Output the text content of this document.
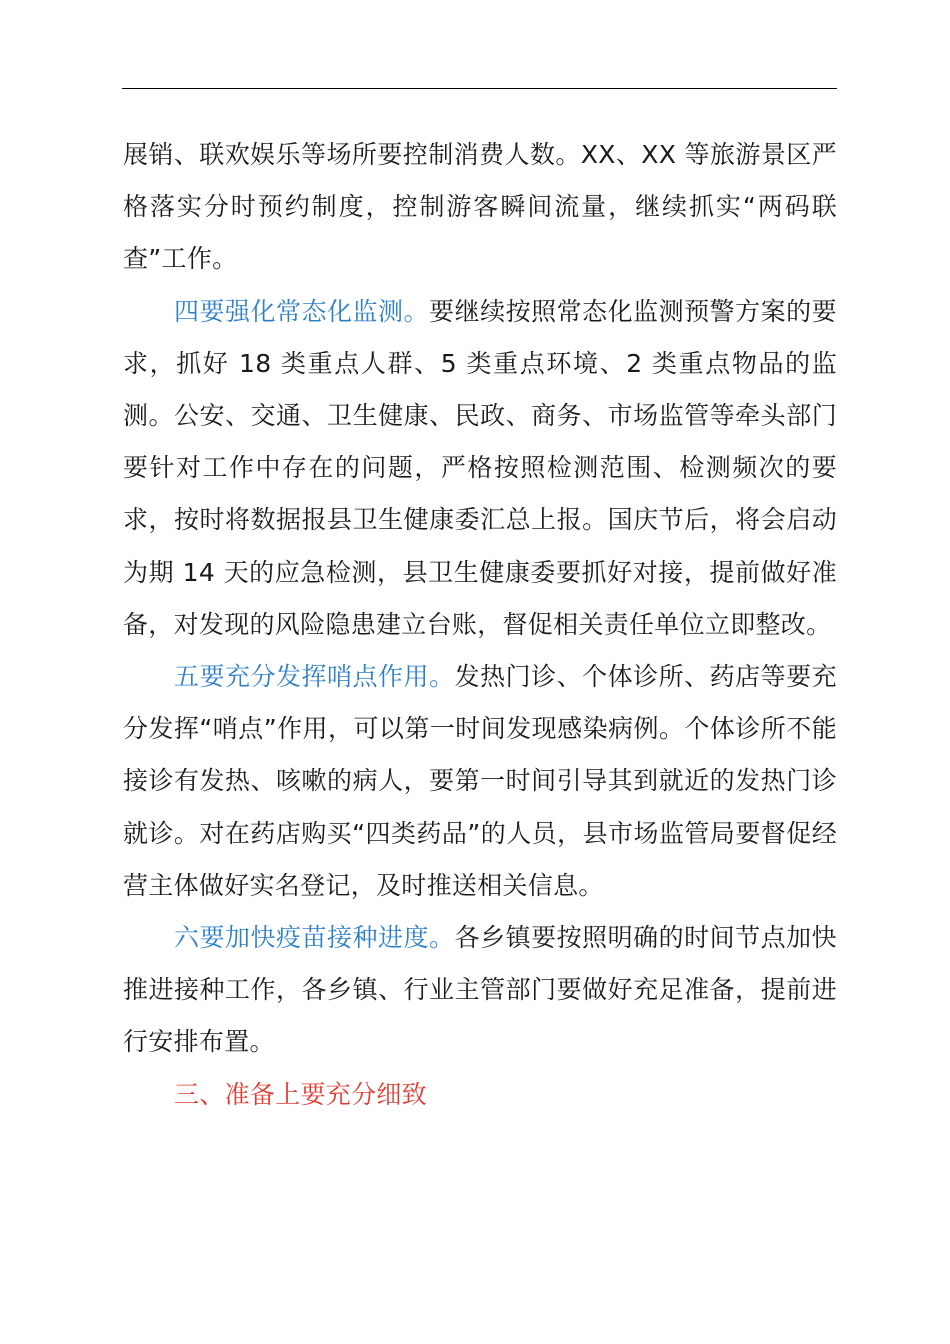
展销、联欢娱乐等场所要控制消费人数。XX、XX 等旅游景区严格落实分时预约制度，控制游客瞬间流量，继续抓实“两码联查”工作。

四要强化常态化监测。要继续按照常态化监测预警方案的要求，抓好 18 类重点人群、5 类重点环境、2 类重点物品的监测。公安、交通、卫生健康、民政、商务、市场监管等牵头部门要针对工作中存在的问题，严格按照检测范围、检测频次的要求，按时将数据报县卫生健康委汇总上报。国庆节后，将会启动为期 14 天的应急检测，县卫生健康委要抓好对接，提前做好准备，对发现的风险隐患建立台账，督促相关责任单位立即整改。

五要充分发挥哨点作用。发热门诊、个体诊所、药店等要充分发挥“哨点”作用，可以第一时间发现感染病例。个体诊所不能接诊有发热、咳嗽的病人，要第一时间引导其到就近的发热门诊就诊。对在药店购买“四类药品”的人员，县市场监管局要督促经营主体做好实名登记，及时推送相关信息。

六要加快疫苗接种进度。各乡镇要按照明确的时间节点加快推进接种工作，各乡镇、行业主管部门要做好充足准备，提前进行安排布置。

三、准备上要充分细致
